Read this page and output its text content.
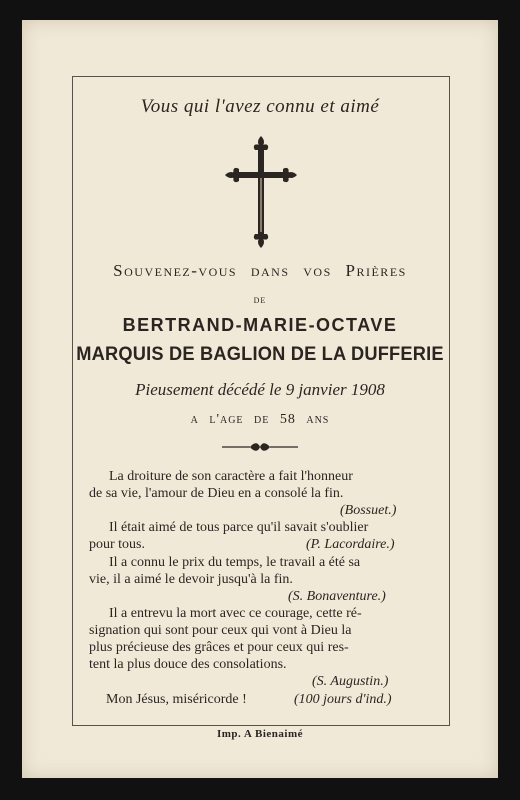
Vous qui l'avez connu et aimé
Souvenez-vous dans vos Prières
de
BERTRAND-MARIE-OCTAVE
MARQUIS DE BAGLION DE LA DUFFERIE
Pieusement décédé le 9 janvier 1908
a l'age de 58 ans
La droiture de son caractère a fait l'honneur
de sa vie, l'amour de Dieu en a consolé la fin.
(Bossuet.)
Il était aimé de tous parce qu'il savait s'oublier
pour tous.	(P. Lacordaire.)
Il a connu le prix du temps, le travail a été sa
vie, il a aimé le devoir jusqu'à la fin.
(S. Bonaventure.)
Il a entrevu la mort avec ce courage, cette ré-
signation qui sont pour ceux qui vont à Dieu la
plus précieuse des grâces et pour ceux qui res-
tent la plus douce des consolations.
(S. Augustin.)
Mon Jésus, miséricorde !	(100 jours d'ind.)
Imp. A Bienaimé
